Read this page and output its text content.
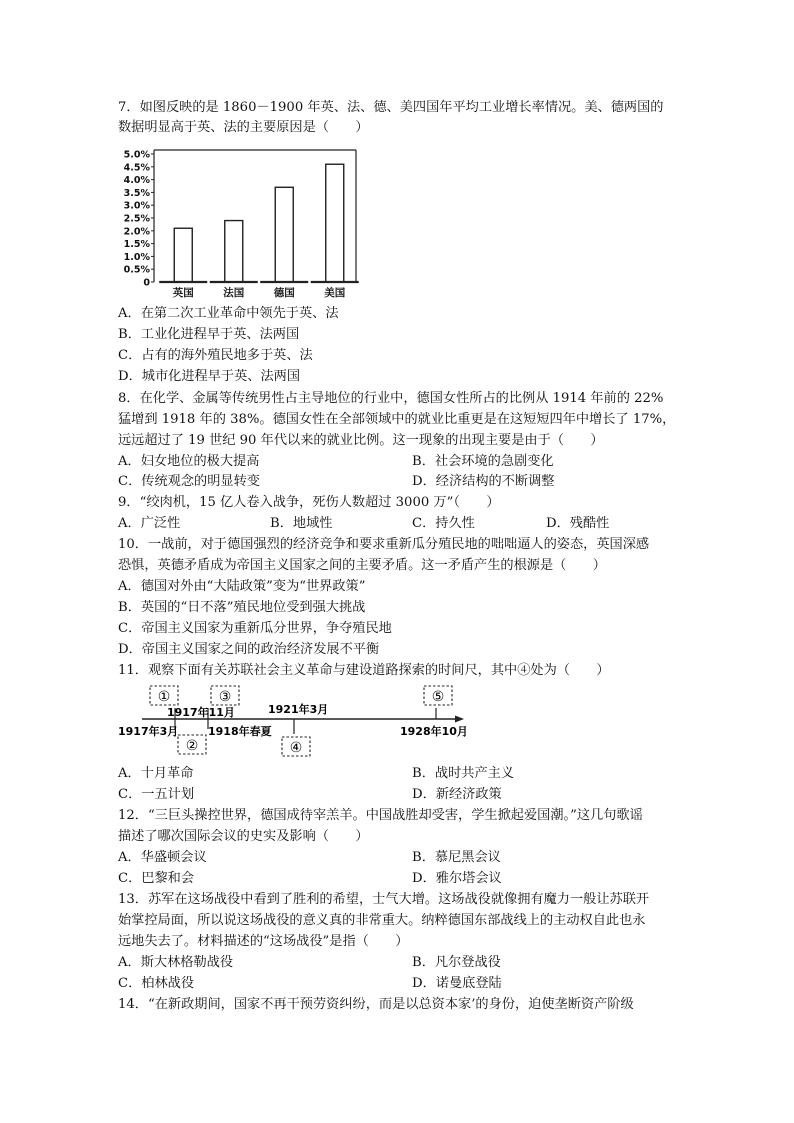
7．如图反映的是 1860－1900 年英、法、德、美四国年平均工业增长率情况。美、德两国的
数据明显高于英、法的主要原因是（　　）
0
0.5%
1.0%
1.5%
2.0%
2.5%
3.0%
3.5%
4.0%
4.5%
5.0%
英国	法国	德国	美国
A．在第二次工业革命中领先于英、法
B．工业化进程早于英、法两国
C．占有的海外殖民地多于英、法
D．城市化进程早于英、法两国
8．在化学、金属等传统男性占主导地位的行业中，德国女性所占的比例从 1914 年前的 22%
猛增到 1918 年的 38%。德国女性在全部领域中的就业比重更是在这短短四年中增长了 17%，
远远超过了 19 世纪 90 年代以来的就业比例。这一现象的出现主要是由于（　　）
A．妇女地位的极大提高	B．社会环境的急剧变化
C．传统观念的明显转变	D．经济结构的不断调整
9．“绞肉机，15 亿人卷入战争，死伤人数超过 3000 万”（　　）
A．广泛性	B．地域性	C．持久性	D．残酷性
10．一战前，对于德国强烈的经济竞争和要求重新瓜分殖民地的咄咄逼人的姿态，英国深感
恐惧，英德矛盾成为帝国主义国家之间的主要矛盾。这一矛盾产生的根源是（　　）
A．德国对外由“大陆政策”变为“世界政策”
B．英国的“日不落”殖民地位受到强大挑战
C．帝国主义国家为重新瓜分世界，争夺殖民地
D．帝国主义国家之间的政治经济发展不平衡
11．观察下面有关苏联社会主义革命与建设道路探索的时间尺，其中④处为（　　）
①
②
③
④
⑤
1917年3月
1917年11月
1918年春夏
1921年3月
1928年10月
A．十月革命	B．战时共产主义
C．一五计划	D．新经济政策
12．“三巨头操控世界，德国成待宰羔羊。中国战胜却受害，学生掀起爱国潮。”这几句歌谣
描述了哪次国际会议的史实及影响（　　）
A．华盛顿会议	B．慕尼黑会议
C．巴黎和会	D．雅尔塔会议
13．苏军在这场战役中看到了胜利的希望，士气大增。这场战役就像拥有魔力一般让苏联开
始掌控局面，所以说这场战役的意义真的非常重大。纳粹德国东部战线上的主动权自此也永
远地失去了。材料描述的“这场战役”是指（　　）
A．斯大林格勒战役	B．凡尔登战役
C．柏林战役	D．诺曼底登陆
14．“在新政期间，国家不再干预劳资纠纷，而是以总资本家’的身份，迫使垄断资产阶级
